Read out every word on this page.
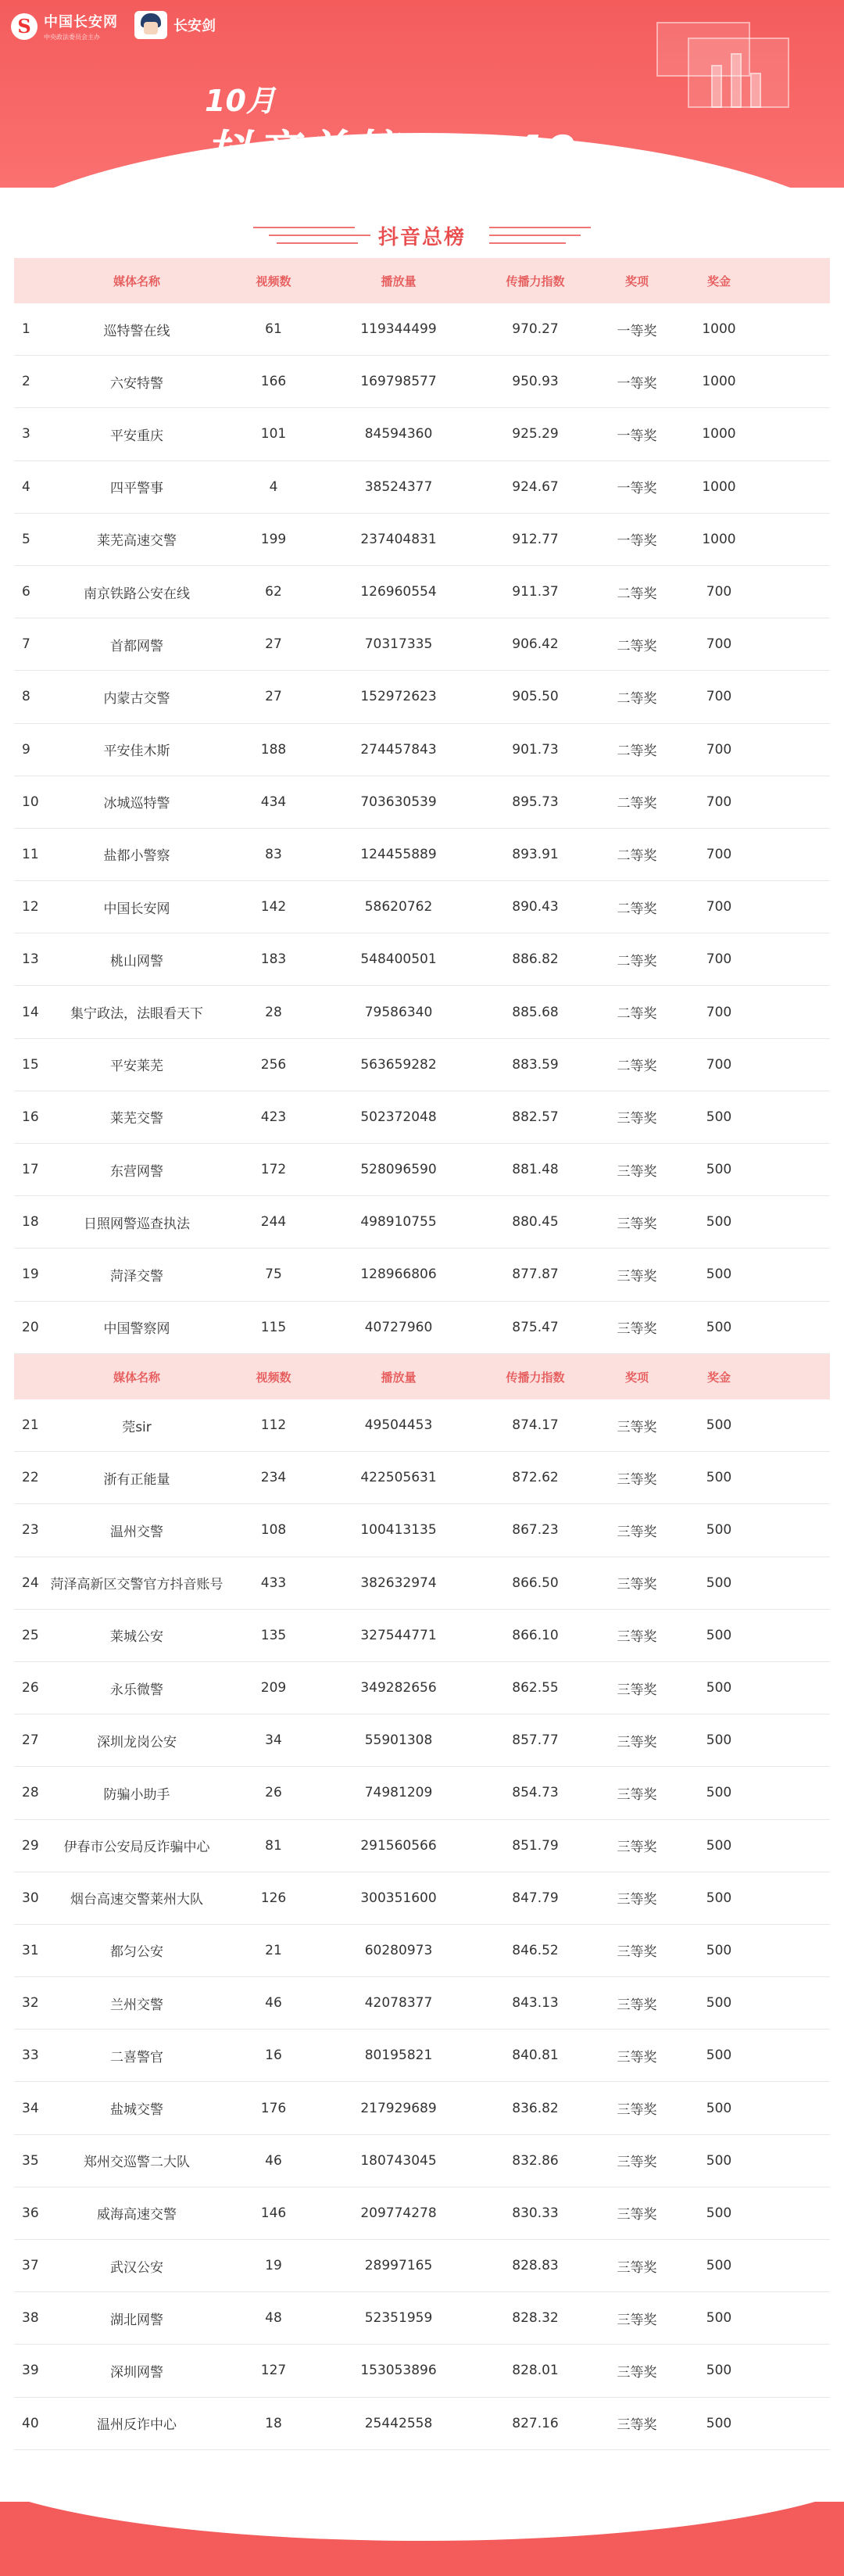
S 中国长安网
中央政法委员会主办
长安剑
10月
抖音总榜TOP40
抖音总榜
媒体名称	视频数	播放量	传播力指数	奖项	奖金
1	巡特警在线	61	119344499	970.27	一等奖	1000
2	六安特警	166	169798577	950.93	一等奖	1000
3	平安重庆	101	84594360	925.29	一等奖	1000
4	四平警事	4	38524377	924.67	一等奖	1000
5	莱芜高速交警	199	237404831	912.77	一等奖	1000
6	南京铁路公安在线	62	126960554	911.37	二等奖	700
7	首都网警	27	70317335	906.42	二等奖	700
8	内蒙古交警	27	152972623	905.50	二等奖	700
9	平安佳木斯	188	274457843	901.73	二等奖	700
10	冰城巡特警	434	703630539	895.73	二等奖	700
11	盐都小警察	83	124455889	893.91	二等奖	700
12	中国长安网	142	58620762	890.43	二等奖	700
13	桃山网警	183	548400501	886.82	二等奖	700
14	集宁政法，法眼看天下	28	79586340	885.68	二等奖	700
15	平安莱芜	256	563659282	883.59	二等奖	700
16	莱芜交警	423	502372048	882.57	三等奖	500
17	东营网警	172	528096590	881.48	三等奖	500
18	日照网警巡查执法	244	498910755	880.45	三等奖	500
19	菏泽交警	75	128966806	877.87	三等奖	500
20	中国警察网	115	40727960	875.47	三等奖	500
媒体名称	视频数	播放量	传播力指数	奖项	奖金
21	莞sir	112	49504453	874.17	三等奖	500
22	浙有正能量	234	422505631	872.62	三等奖	500
23	温州交警	108	100413135	867.23	三等奖	500
24 菏泽高新区交警官方抖音账号	433	382632974	866.50	三等奖	500
25	莱城公安	135	327544771	866.10	三等奖	500
26	永乐微警	209	349282656	862.55	三等奖	500
27	深圳龙岗公安	34	55901308	857.77	三等奖	500
28	防骗小助手	26	74981209	854.73	三等奖	500
29	伊春市公安局反诈骗中心	81	291560566	851.79	三等奖	500
30	烟台高速交警莱州大队	126	300351600	847.79	三等奖	500
31	都匀公安	21	60280973	846.52	三等奖	500
32	兰州交警	46	42078377	843.13	三等奖	500
33	二喜警官	16	80195821	840.81	三等奖	500
34	盐城交警	176	217929689	836.82	三等奖	500
35	郑州交巡警二大队	46	180743045	832.86	三等奖	500
36	威海高速交警	146	209774278	830.33	三等奖	500
37	武汉公安	19	28997165	828.83	三等奖	500
38	湖北网警	48	52351959	828.32	三等奖	500
39	深圳网警	127	153053896	828.01	三等奖	500
40	温州反诈中心	18	25442558	827.16	三等奖	500
